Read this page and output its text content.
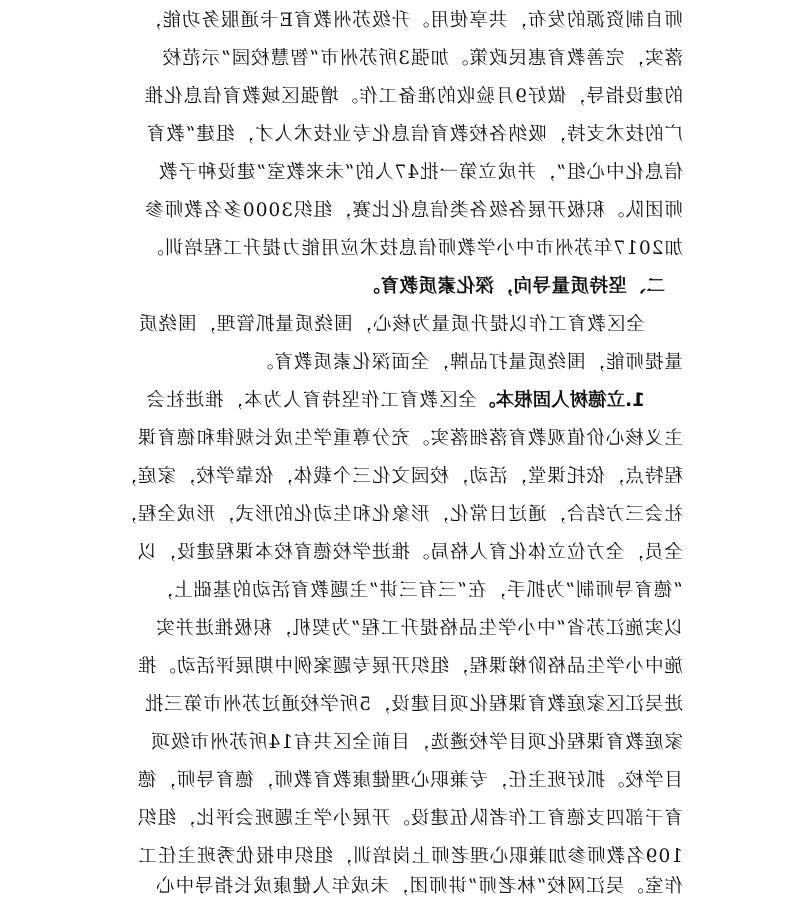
师自制资源的发布，共享使用。升级苏州教育E卡通服务功能，
落实，完善教育惠民政策。加强3所苏州市“智慧校园”示范校
的建设指导，做好9月验收的准备工作。增强区域教育信息化推
广的技术支持，吸纳各校教育信息化专业技术人才，组建“教育
信息化中心组”，并成立第一批47人的“未来教室”建设种子教
师团队。积极开展各级各类信息化比赛，组织3000多名教师参
加2017年苏州市中小学教师信息技术应用能力提升工程培训。
二、坚持质量导向，深化素质教育。
全区教育工作以提升质量为核心，围绕质量抓管理，围绕质
量提师能，围绕质量打品牌，全面深化素质教育。
1.立德树人固根本。全区教育工作坚持育人为本，推进社会
主义核心价值观教育落细落实。充分尊重学生成长规律和德育课
程特点，依托课堂，活动，校园文化三个载体，依靠学校，家庭，
社会三方结合，通过日常化，形象化和生动化的形式，形成全程，
全员，全方位立体化育人格局。推进学校德育校本课程建设，以
“德育导师制”为抓手，在“三有三讲”主题教育活动的基础上，
以实施江苏省“中小学生品格提升工程”为契机，积极推进并实
施中小学生品格阶梯课程，组织开展专题案例中期展评活动。推
进吴江区家庭教育课程化项目建设，5所学校通过苏州市第三批
家庭教育课程化项目学校遴选，目前全区共有14所苏州市级项
目学校。抓好班主任，专兼职心理健康教育教师，德育导师，德
育干部四支德育工作者队伍建设。开展小学主题班会评比，组织
109名教师参加兼职心理老师上岗培训，组织申报优秀班主任工
作室。吴江网校“林老师”讲师团，未成年人健康成长指导中心
